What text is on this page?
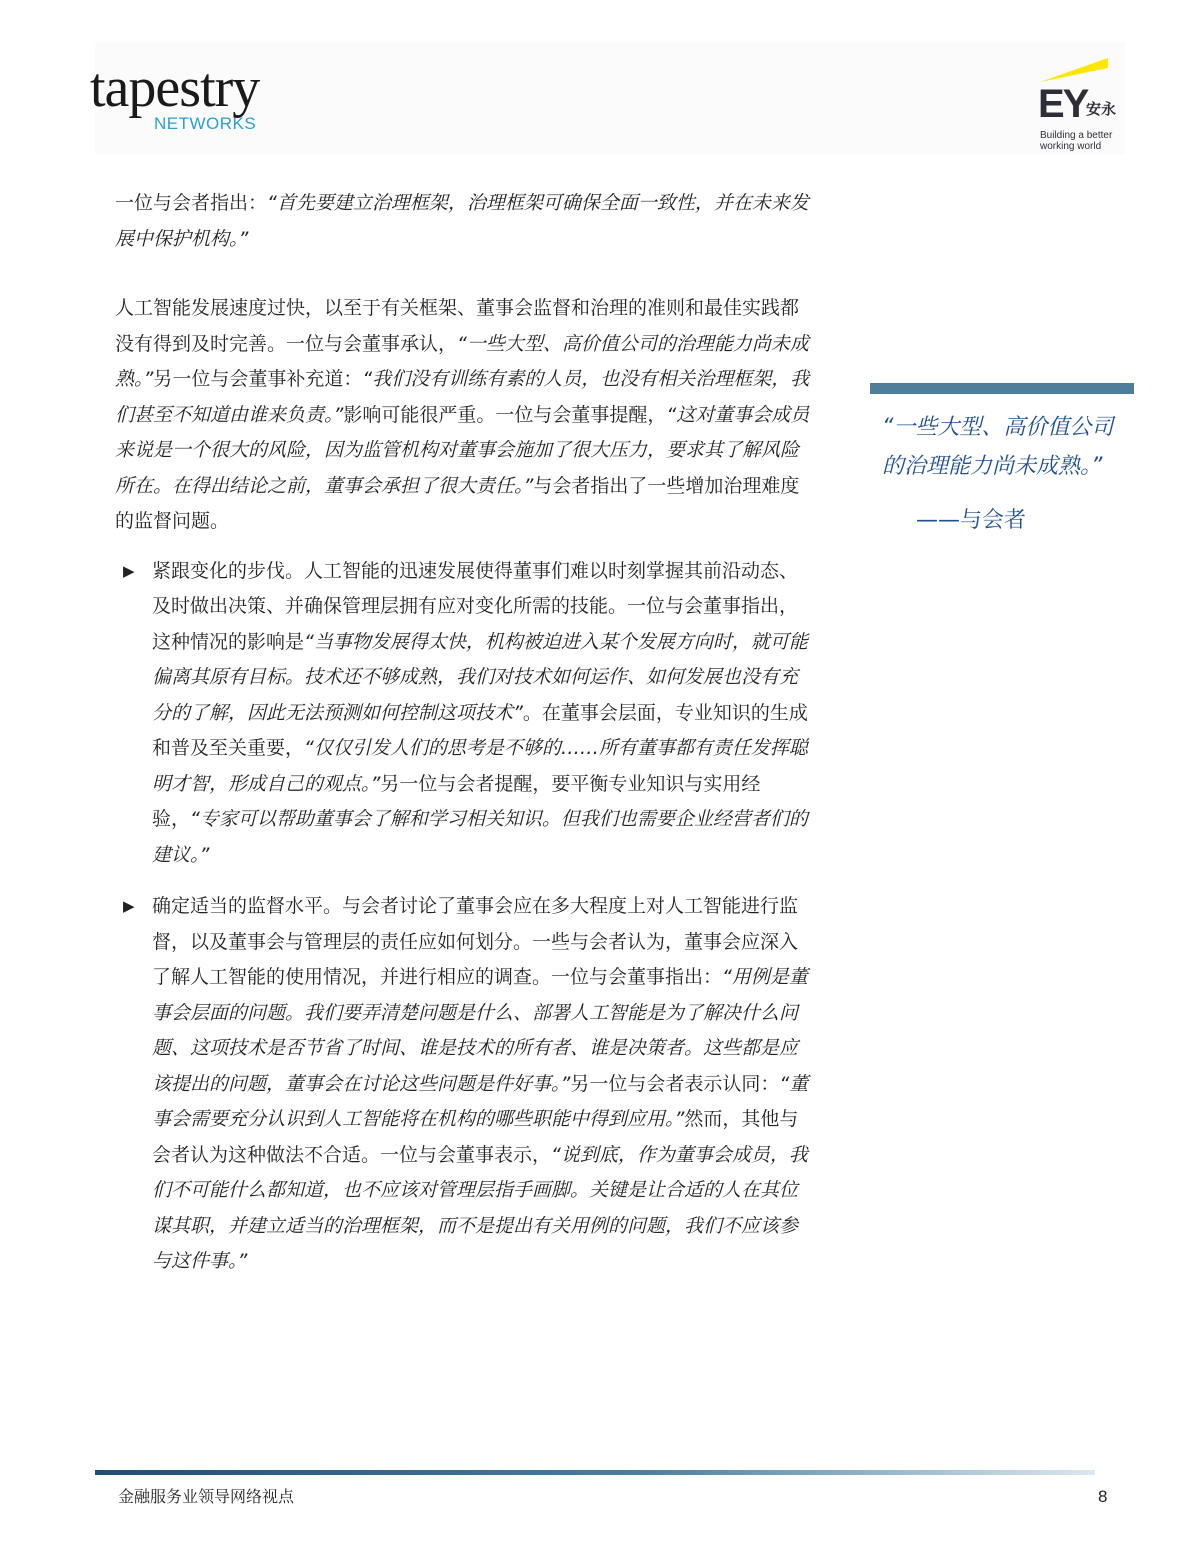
tapestry
NETWORKS	EY
安永
Building a better working world

一位与会者指出：“首先要建立治理框架，治理框架可确保全面一致性，并在未来发展中保护机构。”

人工智能发展速度过快，以至于有关框架、董事会监督和治理的准则和最佳实践都没有得到及时完善。一位与会董事承认，“一些大型、高价值公司的治理能力尚未成熟。”另一位与会董事补充道：“我们没有训练有素的人员，也没有相关治理框架，我们甚至不知道由谁来负责。”影响可能很严重。一位与会董事提醒，“这对董事会成员来说是一个很大的风险，因为监管机构对董事会施加了很大压力，要求其了解风险所在。在得出结论之前，董事会承担了很大责任。”与会者指出了一些增加治理难度的监督问题。

▶ 紧跟变化的步伐。人工智能的迅速发展使得董事们难以时刻掌握其前沿动态、及时做出决策、并确保管理层拥有应对变化所需的技能。一位与会董事指出，这种情况的影响是“当事物发展得太快，机构被迫进入某个发展方向时，就可能偏离其原有目标。技术还不够成熟，我们对技术如何运作、如何发展也没有充分的了解，因此无法预测如何控制这项技术”。在董事会层面，专业知识的生成和普及至关重要，“仅仅引发人们的思考是不够的……所有董事都有责任发挥聪明才智，形成自己的观点。”另一位与会者提醒，要平衡专业知识与实用经验，“专家可以帮助董事会了解和学习相关知识。但我们也需要企业经营者们的建议。”
▶ 确定适当的监督水平。与会者讨论了董事会应在多大程度上对人工智能进行监督，以及董事会与管理层的责任应如何划分。一些与会者认为，董事会应深入了解人工智能的使用情况，并进行相应的调查。一位与会董事指出：“用例是董事会层面的问题。我们要弄清楚问题是什么、部署人工智能是为了解决什么问题、这项技术是否节省了时间、谁是技术的所有者、谁是决策者。这些都是应该提出的问题，董事会在讨论这些问题是件好事。”另一位与会者表示认同：“董事会需要充分认识到人工智能将在机构的哪些职能中得到应用。”然而，其他与会者认为这种做法不合适。一位与会董事表示，“说到底，作为董事会成员，我们不可能什么都知道，也不应该对管理层指手画脚。关键是让合适的人在其位谋其职，并建立适当的治理框架，而不是提出有关用例的问题，我们不应该参与这件事。”
“一些大型、高价值公司的治理能力尚未成熟。”
——与会者
金融服务业领导网络视点	8
